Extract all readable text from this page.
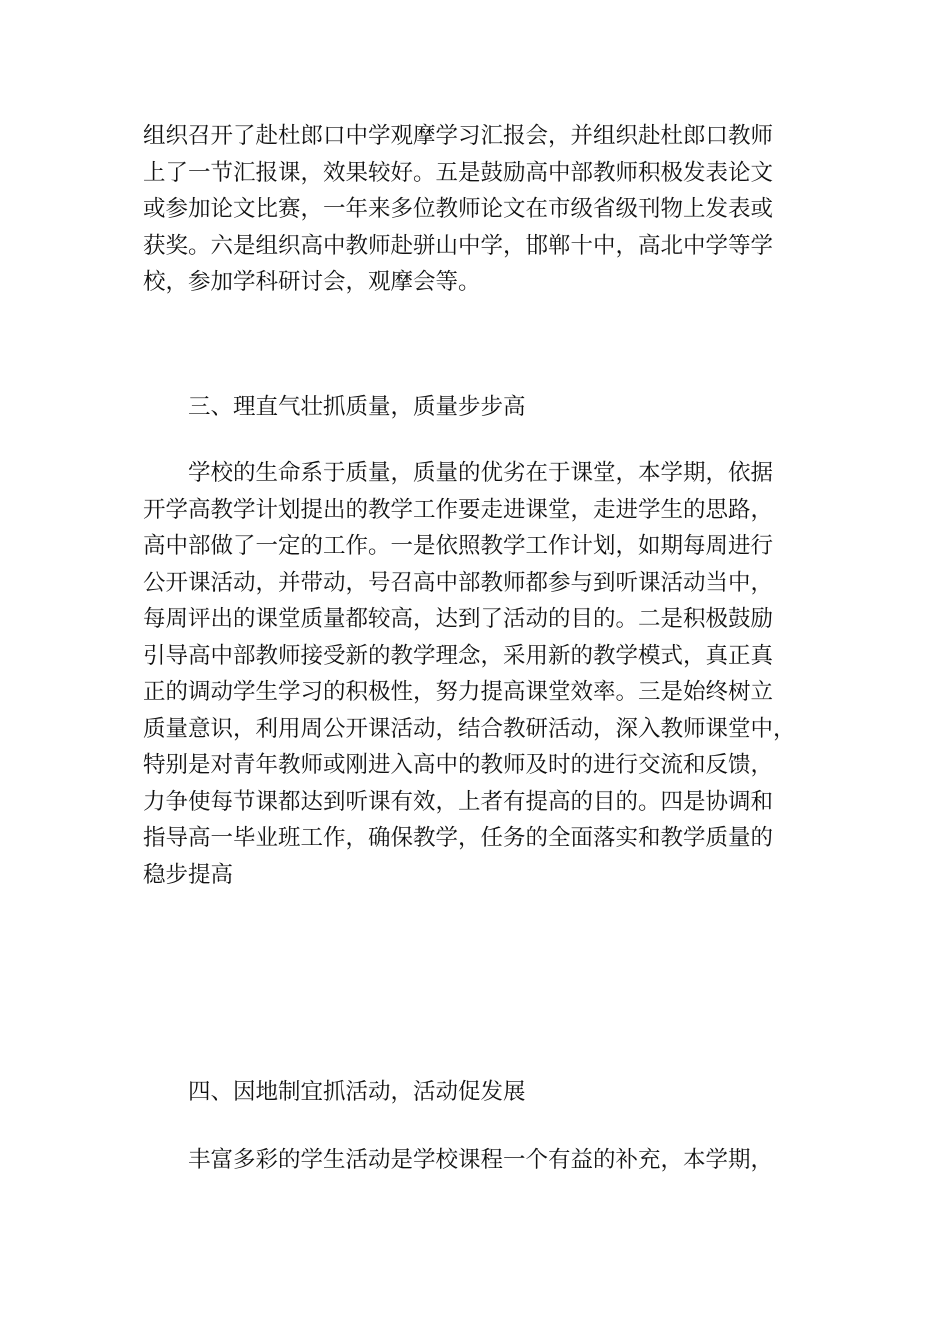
组织召开了赴杜郎口中学观摩学习汇报会，并组织赴杜郎口教师
上了一节汇报课，效果较好。五是鼓励高中部教师积极发表论文
或参加论文比赛，一年来多位教师论文在市级省级刊物上发表或
获奖。六是组织高中教师赴骈山中学，邯郸十中，高北中学等学
校，参加学科研讨会，观摩会等。
三、理直气壮抓质量，质量步步高
学校的生命系于质量，质量的优劣在于课堂，本学期，依据
开学高教学计划提出的教学工作要走进课堂，走进学生的思路，
高中部做了一定的工作。一是依照教学工作计划，如期每周进行
公开课活动，并带动，号召高中部教师都参与到听课活动当中，
每周评出的课堂质量都较高，达到了活动的目的。二是积极鼓励
引导高中部教师接受新的教学理念，采用新的教学模式，真正真
正的调动学生学习的积极性，努力提高课堂效率。三是始终树立
质量意识，利用周公开课活动，结合教研活动，深入教师课堂中，
特别是对青年教师或刚进入高中的教师及时的进行交流和反馈，
力争使每节课都达到听课有效，上者有提高的目的。四是协调和
指导高一毕业班工作，确保教学，任务的全面落实和教学质量的
稳步提高
四、因地制宜抓活动，活动促发展
丰富多彩的学生活动是学校课程一个有益的补充，本学期，
